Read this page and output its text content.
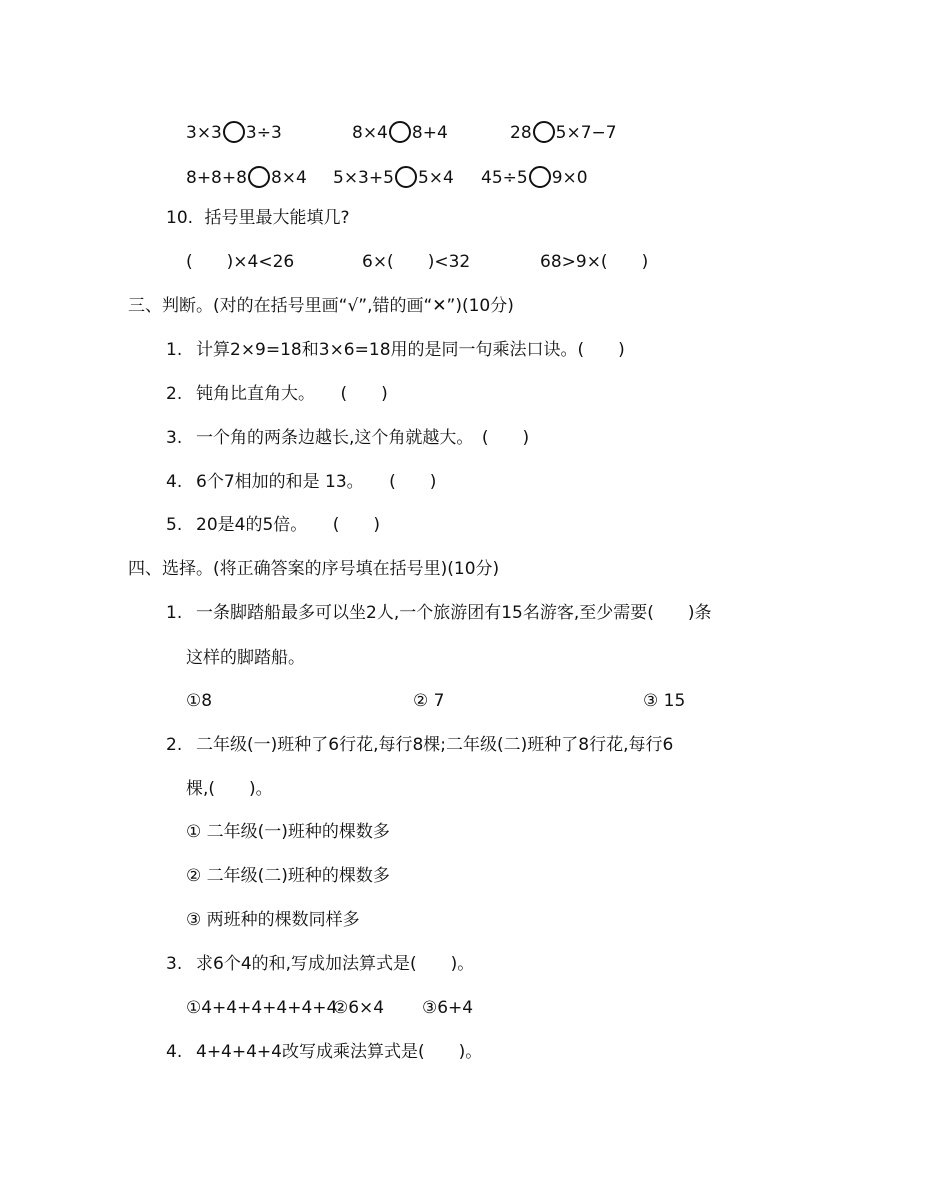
3×3 3÷3	8×4 8+4	28 5×7−7
8+8+8 8×4 5×3+5 5×4 45÷5 9×0
10. 括号里最大能填几?
(　　)×4<26	6×(　　)<32	68>9×(　　)
三、判断。(对的在括号里画“√”,错的画“✕”)(10分)
1. 计算2×9=18和3×6=18用的是同一句乘法口诀。(　　)
2. 钝角比直角大。　　(　　)
3. 一个角的两条边越长,这个角就越大。　(　　)
4. 6个7相加的和是 13。　　(　　)
5. 20是4的5倍。　　(　　)
四、选择。(将正确答案的序号填在括号里)(10分)
1. 一条脚踏船最多可以坐2人,一个旅游团有15名游客,至少需要(　　)条
这样的脚踏船。
①8	② 7	③ 15
2. 二年级(一)班种了6行花,每行8棵;二年级(二)班种了8行花,每行6
棵,(　　)。
① 二年级(一)班种的棵数多
② 二年级(二)班种的棵数多
③ 两班种的棵数同样多
3. 求6个4的和,写成加法算式是(　　)。
①4+4+4+4+4+4
②6×4 ③6+4
4. 4+4+4+4改写成乘法算式是(　　)。
